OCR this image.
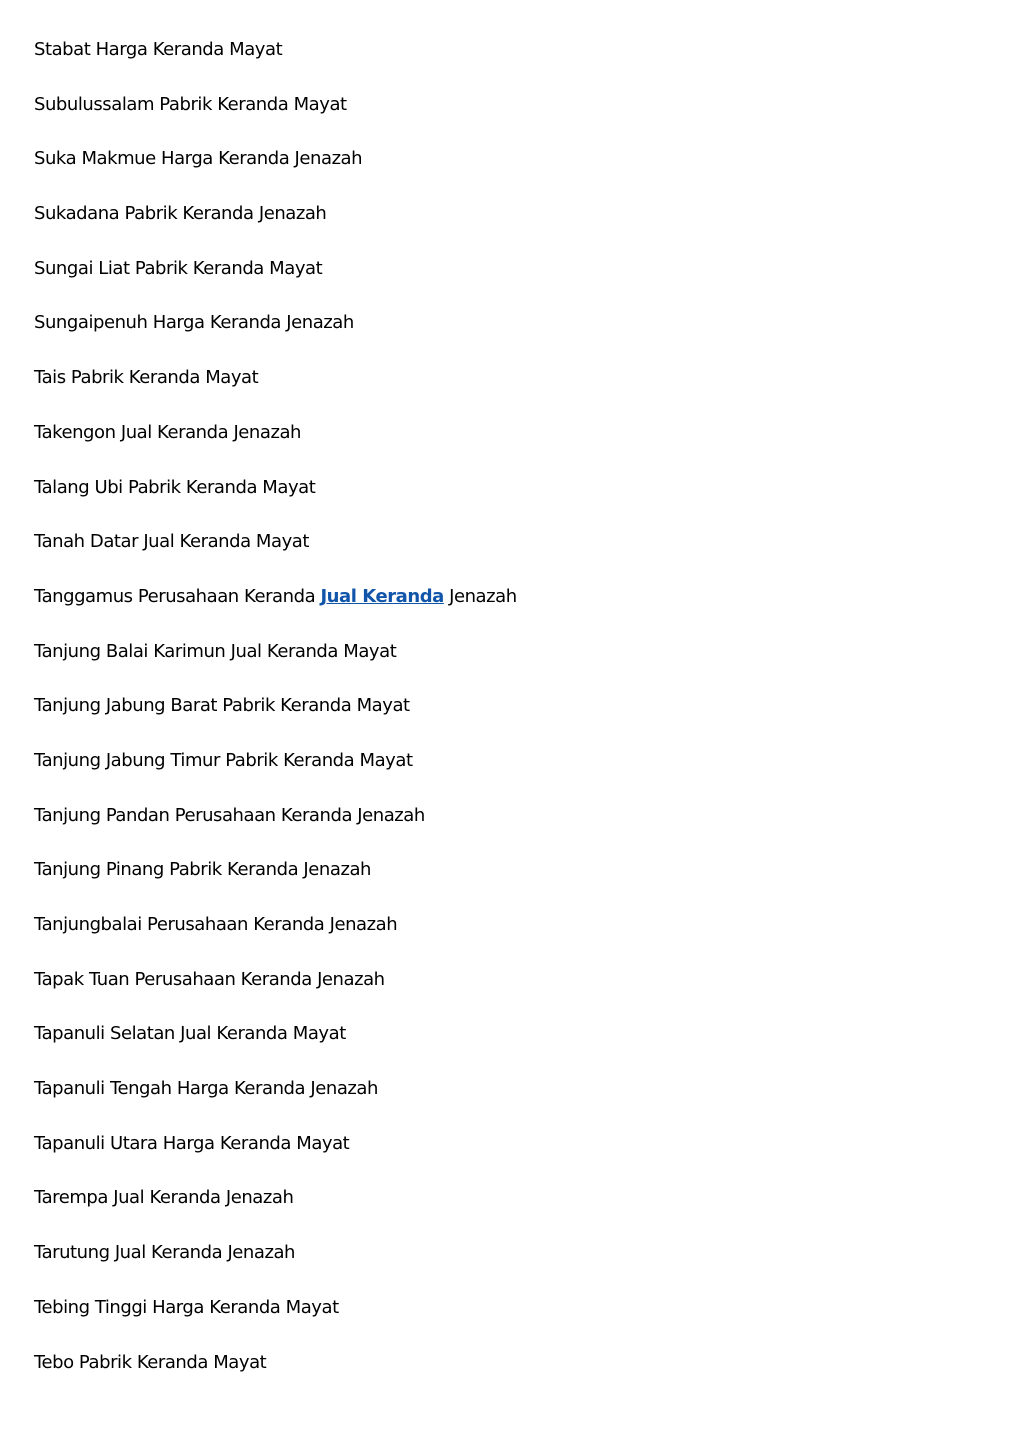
Stabat Harga Keranda Mayat
Subulussalam Pabrik Keranda Mayat
Suka Makmue Harga Keranda Jenazah
Sukadana Pabrik Keranda Jenazah
Sungai Liat Pabrik Keranda Mayat
Sungaipenuh Harga Keranda Jenazah
Tais Pabrik Keranda Mayat
Takengon Jual Keranda Jenazah
Talang Ubi Pabrik Keranda Mayat
Tanah Datar Jual Keranda Mayat
Tanggamus Perusahaan Keranda Jual Keranda Jenazah
Tanjung Balai Karimun Jual Keranda Mayat
Tanjung Jabung Barat Pabrik Keranda Mayat
Tanjung Jabung Timur Pabrik Keranda Mayat
Tanjung Pandan Perusahaan Keranda Jenazah
Tanjung Pinang Pabrik Keranda Jenazah
Tanjungbalai Perusahaan Keranda Jenazah
Tapak Tuan Perusahaan Keranda Jenazah
Tapanuli Selatan Jual Keranda Mayat
Tapanuli Tengah Harga Keranda Jenazah
Tapanuli Utara Harga Keranda Mayat
Tarempa Jual Keranda Jenazah
Tarutung Jual Keranda Jenazah
Tebing Tinggi Harga Keranda Mayat
Tebo Pabrik Keranda Mayat
